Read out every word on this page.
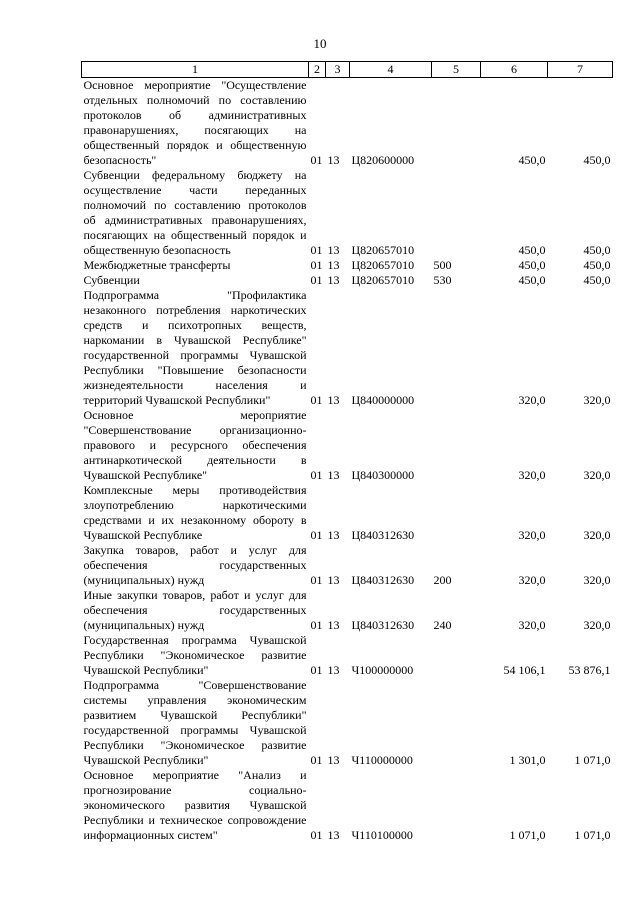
10
1	2	3	4	5	6	7
Основное мероприятие "Осуществление отдельных полномочий по составлению протоколов об административных правонарушениях, посягающих на общественный порядок и общественную безопасность"	01	13	Ц820600000		450,0	450,0
Субвенции федеральному бюджету на осуществление части переданных полномочий по составлению протоколов об административных правонарушениях, посягающих на общественный порядок и общественную безопасность	01	13	Ц820657010		450,0	450,0
Межбюджетные трансферты	01	13	Ц820657010	500	450,0	450,0
Субвенции	01	13	Ц820657010	530	450,0	450,0
Подпрограмма "Профилактика незаконного потребления наркотических средств и психотропных веществ, наркомании в Чувашской Республике" государственной программы Чувашской Республики "Повышение безопасности жизнедеятельности населения и территорий Чувашской Республики"	01	13	Ц840000000		320,0	320,0
Основное мероприятие "Совершенствование организационно-правового и ресурсного обеспечения антинаркотической деятельности в Чувашской Республике"	01	13	Ц840300000		320,0	320,0
Комплексные меры противодействия злоупотреблению наркотическими средствами и их незаконному обороту в Чувашской Республике	01	13	Ц840312630		320,0	320,0
Закупка товаров, работ и услуг для обеспечения государственных (муниципальных) нужд	01	13	Ц840312630	200	320,0	320,0
Иные закупки товаров, работ и услуг для обеспечения государственных (муниципальных) нужд	01	13	Ц840312630	240	320,0	320,0
Государственная программа Чувашской Республики "Экономическое развитие Чувашской Республики"	01	13	Ч100000000		54 106,1	53 876,1
Подпрограмма "Совершенствование системы управления экономическим развитием Чувашской Республики" государственной программы Чувашской Республики "Экономическое развитие Чувашской Республики"	01	13	Ч110000000		1 301,0	1 071,0
Основное мероприятие "Анализ и прогнозирование социально-экономического развития Чувашской Республики и техническое сопровождение информационных систем"	01	13	Ч110100000		1 071,0	1 071,0
